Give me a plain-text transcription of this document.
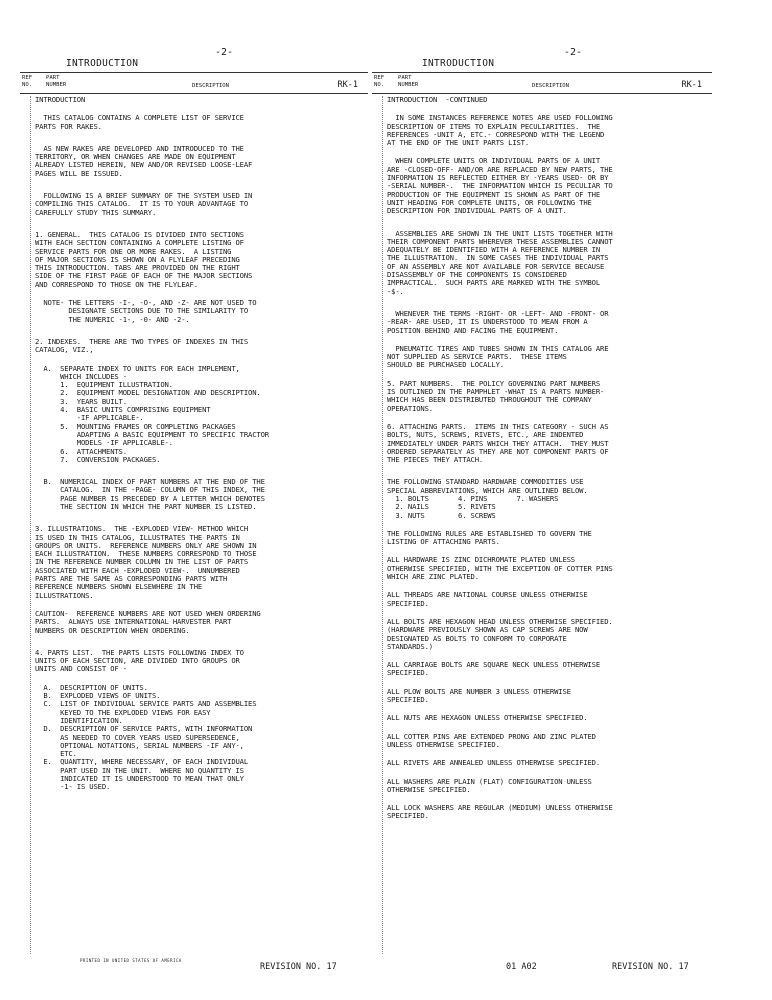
INTRODUCTION
-2-
REF
NO.
PART
NUMBER	DESCRIPTION	RK-1
INTRODUCTION
THIS CATALOG CONTAINS A COMPLETE LIST OF SERVICE
PARTS FOR RAKES.
AS NEW RAKES ARE DEVELOPED AND INTRODUCED TO THE
TERRITORY, OR WHEN CHANGES ARE MADE ON EQUIPMENT
ALREADY LISTED HEREIN, NEW AND/OR REVISED LOOSE-LEAF
PAGES WILL BE ISSUED.
FOLLOWING IS A BRIEF SUMMARY OF THE SYSTEM USED IN
COMPILING THIS CATALOG.  IT IS TO YOUR ADVANTAGE TO
CAREFULLY STUDY THIS SUMMARY.
1. GENERAL.  THIS CATALOG IS DIVIDED INTO SECTIONS
WITH EACH SECTION CONTAINING A COMPLETE LISTING OF
SERVICE PARTS FOR ONE OR MORE RAKES.  A LISTING
OF MAJOR SECTIONS IS SHOWN ON A FLYLEAF PRECEDING
THIS INTRODUCTION. TABS ARE PROVIDED ON THE RIGHT
SIDE OF THE FIRST PAGE OF EACH OF THE MAJOR SECTIONS
AND CORRESPOND TO THOSE ON THE FLYLEAF.
NOTE- THE LETTERS -I-, -O-, AND -Z- ARE NOT USED TO
DESIGNATE SECTIONS DUE TO THE SIMILARITY TO
THE NUMERIC -1-, -0- AND -2-.
2. INDEXES.  THERE ARE TWO TYPES OF INDEXES IN THIS
CATALOG, VIZ.,
A.  SEPARATE INDEX TO UNITS FOR EACH IMPLEMENT,
WHICH INCLUDES -
1.  EQUIPMENT ILLUSTRATION.
2.  EQUIPMENT MODEL DESIGNATION AND DESCRIPTION.
3.  YEARS BUILT.
4.  BASIC UNITS COMPRISING EQUIPMENT
-IF APPLICABLE-.
5.  MOUNTING FRAMES OR COMPLETING PACKAGES
ADAPTING A BASIC EQUIPMENT TO SPECIFIC TRACTOR
MODELS -IF APPLICABLE-.
6.  ATTACHMENTS.
7.  CONVERSION PACKAGES.
B.  NUMERICAL INDEX OF PART NUMBERS AT THE END OF THE
CATALOG.  IN THE -PAGE- COLUMN OF THIS INDEX, THE
PAGE NUMBER IS PRECEDED BY A LETTER WHICH DENOTES
THE SECTION IN WHICH THE PART NUMBER IS LISTED.
3. ILLUSTRATIONS.  THE -EXPLODED VIEW- METHOD WHICH
IS USED IN THIS CATALOG, ILLUSTRATES THE PARTS IN
GROUPS OR UNITS.  REFERENCE NUMBERS ONLY ARE SHOWN IN
EACH ILLUSTRATION.  THESE NUMBERS CORRESPOND TO THOSE
IN THE REFERENCE NUMBER COLUMN IN THE LIST OF PARTS
ASSOCIATED WITH EACH -EXPLODED VIEW-.  UNNUMBERED
PARTS ARE THE SAME AS CORRESPONDING PARTS WITH
REFERENCE NUMBERS SHOWN ELSEWHERE IN THE
ILLUSTRATIONS.
CAUTION-  REFERENCE NUMBERS ARE NOT USED WHEN ORDERING
PARTS.  ALWAYS USE INTERNATIONAL HARVESTER PART
NUMBERS OR DESCRIPTION WHEN ORDERING.
4. PARTS LIST.  THE PARTS LISTS FOLLOWING INDEX TO
UNITS OF EACH SECTION, ARE DIVIDED INTO GROUPS OR
UNITS AND CONSIST OF -
A.  DESCRIPTION OF UNITS.
B.  EXPLODED VIEWS OF UNITS.
C.  LIST OF INDIVIDUAL SERVICE PARTS AND ASSEMBLIES
KEYED TO THE EXPLODED VIEWS FOR EASY
IDENTIFICATION.
D.  DESCRIPTION OF SERVICE PARTS, WITH INFORMATION
AS NEEDED TO COVER YEARS USED SUPERSEDENCE,
OPTIONAL NOTATIONS, SERIAL NUMBERS -IF ANY-,
ETC.
E.  QUANTITY, WHERE NECESSARY, OF EACH INDIVIDUAL
PART USED IN THE UNIT.  WHERE NO QUANTITY IS
INDICATED IT IS UNDERSTOOD TO MEAN THAT ONLY
-1- IS USED.
PRINTED IN UNITED STATES OF AMERICA
REVISION NO. 17
INTRODUCTION
-2-
REF
NO.
PART
NUMBER	DESCRIPTION	RK-1
INTRODUCTION  -CONTINUED
IN SOME INSTANCES REFERENCE NOTES ARE USED FOLLOWING
DESCRIPTION OF ITEMS TO EXPLAIN PECULIARITIES.  THE
REFERENCES -UNIT A, ETC.- CORRESPOND WITH THE LEGEND
AT THE END OF THE UNIT PARTS LIST.
WHEN COMPLETE UNITS OR INDIVIDUAL PARTS OF A UNIT
ARE -CLOSED-OFF- AND/OR ARE REPLACED BY NEW PARTS, THE
INFORMATION IS REFLECTED EITHER BY -YEARS USED- OR BY
-SERIAL NUMBER-.  THE INFORMATION WHICH IS PECULIAR TO
PRODUCTION OF THE EQUIPMENT IS SHOWN AS PART OF THE
UNIT HEADING FOR COMPLETE UNITS, OR FOLLOWING THE
DESCRIPTION FOR INDIVIDUAL PARTS OF A UNIT.
ASSEMBLIES ARE SHOWN IN THE UNIT LISTS TOGETHER WITH
THEIR COMPONENT PARTS WHEREVER THESE ASSEMBLIES CANNOT
ADEQUATELY BE IDENTIFIED WITH A REFERENCE NUMBER IN
THE ILLUSTRATION.  IN SOME CASES THE INDIVIDUAL PARTS
OF AN ASSEMBLY ARE NOT AVAILABLE FOR SERVICE BECAUSE
DISASSEMBLY OF THE COMPONENTS IS CONSIDERED
IMPRACTICAL.  SUCH PARTS ARE MARKED WITH THE SYMBOL
-$-.
WHENEVER THE TERMS -RIGHT- OR -LEFT- AND -FRONT- OR
-REAR- ARE USED, IT IS UNDERSTOOD TO MEAN FROM A
POSITION BEHIND AND FACING THE EQUIPMENT.
PNEUMATIC TIRES AND TUBES SHOWN IN THIS CATALOG ARE
NOT SUPPLIED AS SERVICE PARTS.  THESE ITEMS
SHOULD BE PURCHASED LOCALLY.
5. PART NUMBERS.  THE POLICY GOVERNING PART NUMBERS
IS OUTLINED IN THE PAMPHLET -WHAT IS A PARTS NUMBER-
WHICH HAS BEEN DISTRIBUTED THROUGHOUT THE COMPANY
OPERATIONS.
6. ATTACHING PARTS.  ITEMS IN THIS CATEGORY - SUCH AS
BOLTS, NUTS, SCREWS, RIVETS, ETC., ARE INDENTED
IMMEDIATELY UNDER PARTS WHICH THEY ATTACH.  THEY MUST
ORDERED SEPARATELY AS THEY ARE NOT COMPONENT PARTS OF
THE PIECES THEY ATTACH.
THE FOLLOWING STANDARD HARDWARE COMMODITIES USE
SPECIAL ABBREVIATIONS, WHICH ARE OUTLINED BELOW.
1. BOLTS       4. PINS       7. WASHERS
2. NAILS       5. RIVETS
3. NUTS        6. SCREWS
THE FOLLOWING RULES ARE ESTABLISHED TO GOVERN THE
LISTING OF ATTACHING PARTS.
ALL HARDWARE IS ZINC DICHROMATE PLATED UNLESS
OTHERWISE SPECIFIED, WITH THE EXCEPTION OF COTTER PINS
WHICH ARE ZINC PLATED.
ALL THREADS ARE NATIONAL COURSE UNLESS OTHERWISE
SPECIFIED.
ALL BOLTS ARE HEXAGON HEAD UNLESS OTHERWISE SPECIFIED.
(HARDWARE PREVIOUSLY SHOWN AS CAP SCREWS ARE NOW
DESIGNATED AS BOLTS TO CONFORM TO CORPORATE
STANDARDS.)
ALL CARRIAGE BOLTS ARE SQUARE NECK UNLESS OTHERWISE
SPECIFIED.
ALL PLOW BOLTS ARE NUMBER 3 UNLESS OTHERWISE
SPECIFIED.
ALL NUTS ARE HEXAGON UNLESS OTHERWISE SPECIFIED.
ALL COTTER PINS ARE EXTENDED PRONG AND ZINC PLATED
UNLESS OTHERWISE SPECIFIED.
ALL RIVETS ARE ANNEALED UNLESS OTHERWISE SPECIFIED.
ALL WASHERS ARE PLAIN (FLAT) CONFIGURATION UNLESS
OTHERWISE SPECIFIED.
ALL LOCK WASHERS ARE REGULAR (MEDIUM) UNLESS OTHERWISE
SPECIFIED.
01 A02	REVISION NO. 17
